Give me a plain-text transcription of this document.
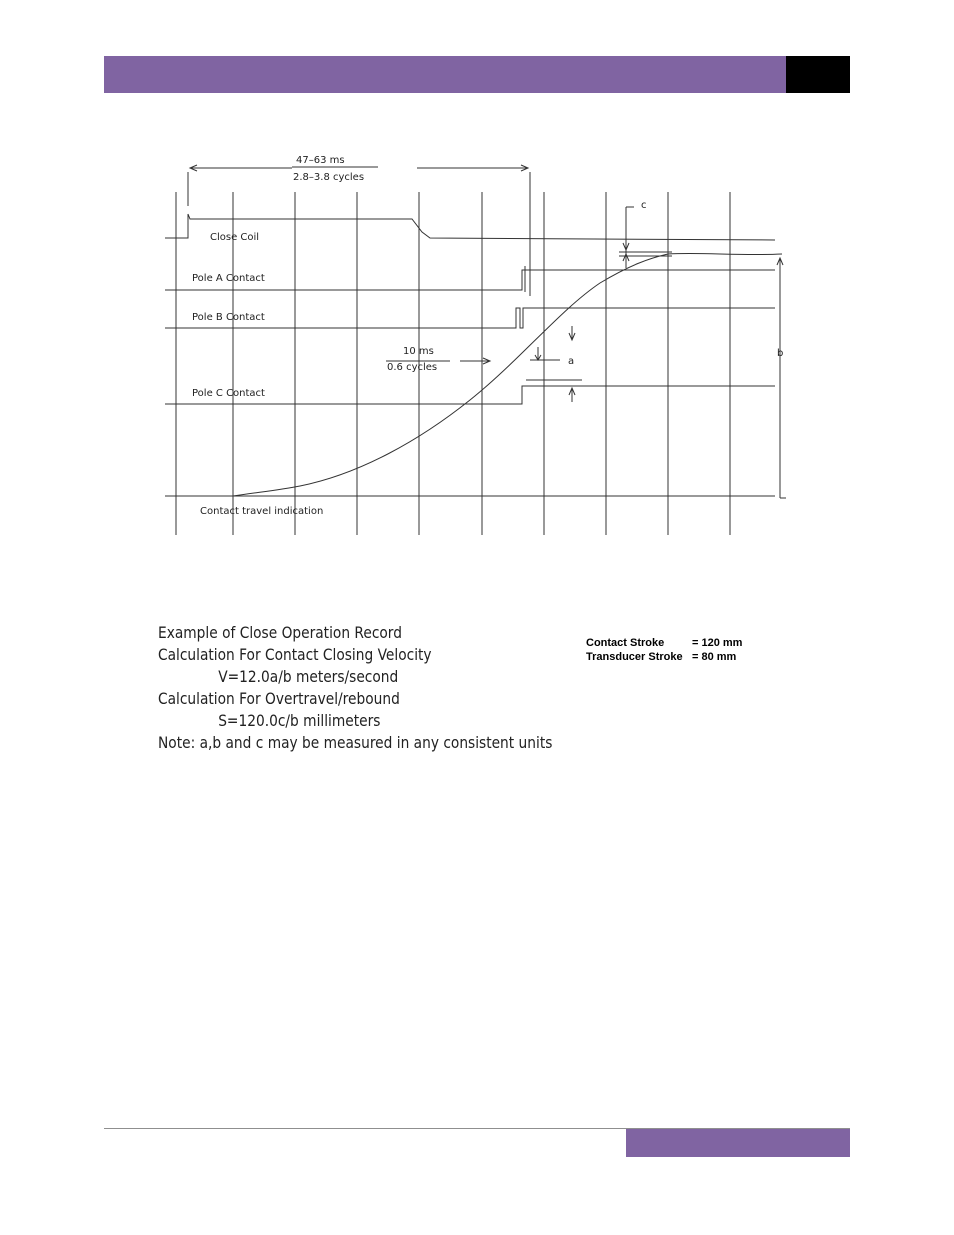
47–63 ms
2.8–3.8 cycles
Close Coil
Pole A Contact
Pole B Contact
Pole C Contact
10 ms
0.6 cycles
Contact travel indication
c
a
b
Example of Close Operation Record
Calculation For Contact Closing Velocity
V=12.0a/b meters/second
Calculation For Overtravel/rebound
S=120.0c/b millimeters
Note: a,b and c may be measured in any consistent units
Contact Stroke	= 120 mm
Transducer Stroke = 80 mm
